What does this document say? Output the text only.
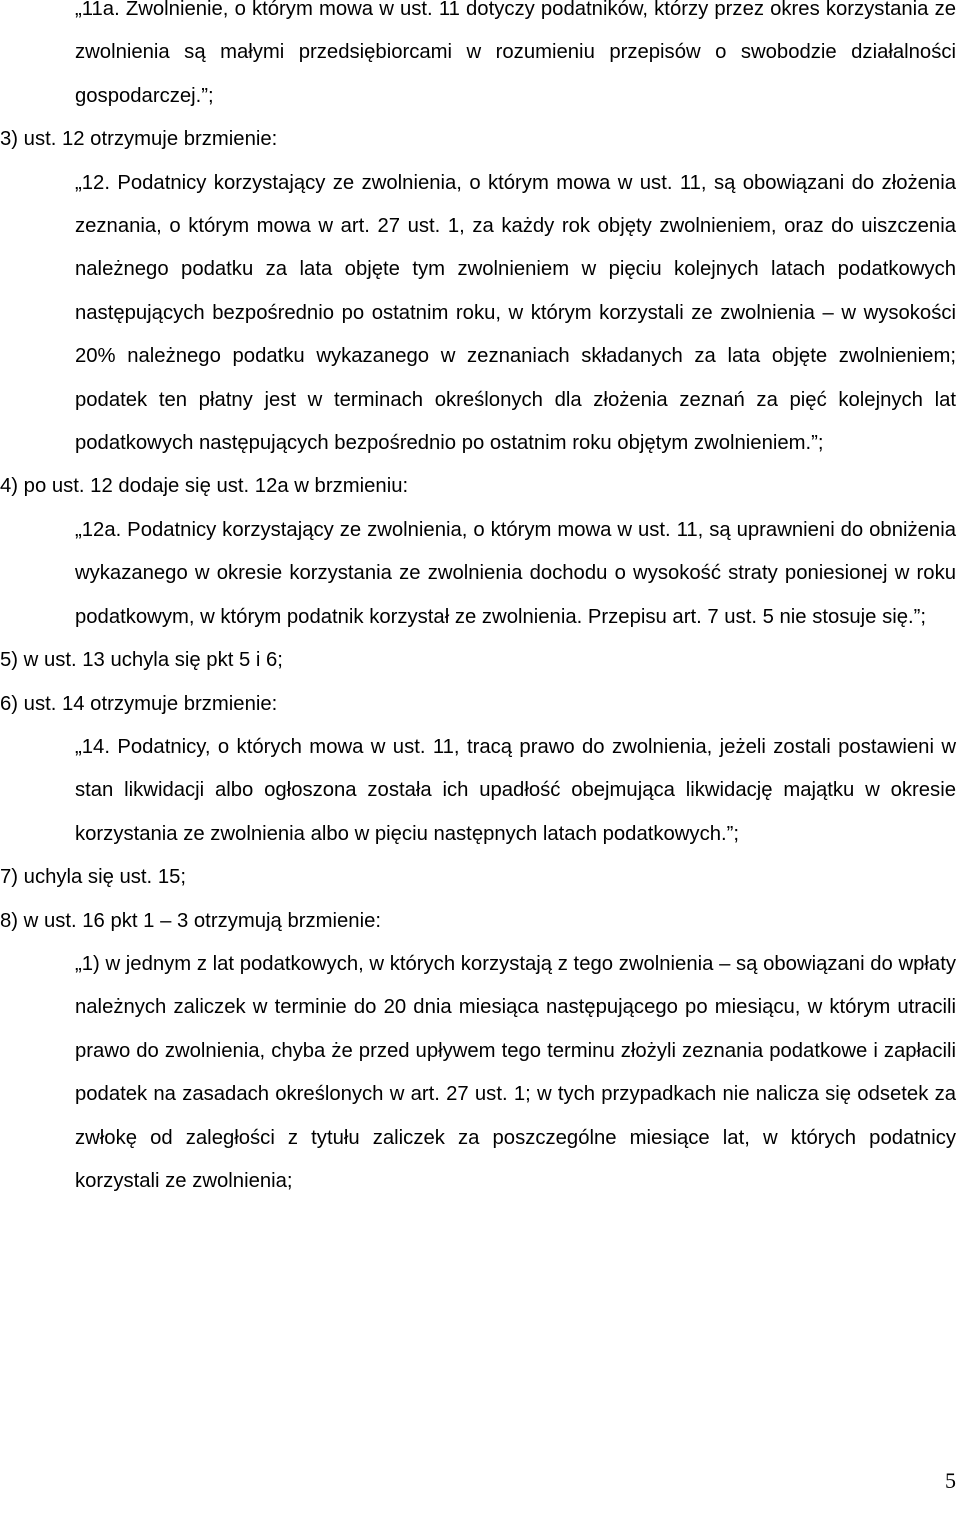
„11a. Zwolnienie, o którym mowa w ust. 11 dotyczy podatników, którzy przez okres korzystania ze zwolnienia są małymi przedsiębiorcami w rozumieniu przepisów o swobodzie działalności gospodarczej.”;

3) ust. 12 otrzymuje brzmienie:

„12. Podatnicy korzystający ze zwolnienia, o którym mowa w ust. 11, są obowiązani do złożenia zeznania, o którym mowa w art. 27 ust. 1, za każdy rok objęty zwolnieniem, oraz do uiszczenia należnego podatku za lata objęte tym zwolnieniem w pięciu kolejnych latach podatkowych następujących bezpośrednio po ostatnim roku, w którym korzystali ze zwolnienia – w wysokości 20% należnego podatku wykazanego w zeznaniach składanych za lata objęte zwolnieniem; podatek ten płatny jest w terminach określonych dla złożenia zeznań za pięć kolejnych lat podatkowych następujących bezpośrednio po ostatnim roku objętym zwolnieniem.”;

4) po ust. 12 dodaje się ust. 12a w brzmieniu:

„12a. Podatnicy korzystający ze zwolnienia, o którym mowa w ust. 11, są uprawnieni do obniżenia wykazanego w okresie korzystania ze zwolnienia dochodu o wysokość straty poniesionej w roku podatkowym, w którym podatnik korzystał ze zwolnienia. Przepisu art. 7 ust. 5 nie stosuje się.”;

5) w ust. 13 uchyla się pkt 5 i 6;

6) ust. 14 otrzymuje brzmienie:

„14. Podatnicy, o których mowa w ust. 11, tracą prawo do zwolnienia, jeżeli zostali postawieni w stan likwidacji albo ogłoszona została ich upadłość obejmująca likwidację majątku w okresie korzystania ze zwolnienia albo w pięciu następnych latach podatkowych.”;

7) uchyla się ust. 15;

8) w ust. 16 pkt 1 – 3 otrzymują brzmienie:

„1) w jednym z lat podatkowych, w których korzystają z tego zwolnienia – są obowiązani do wpłaty należnych zaliczek w terminie do 20 dnia miesiąca następującego po miesiącu, w którym utracili prawo do zwolnienia, chyba że przed upływem tego terminu złożyli zeznania podatkowe i zapłacili podatek na zasadach określonych w art. 27 ust. 1; w tych przypadkach nie nalicza się odsetek za zwłokę od zaległości z tytułu zaliczek za poszczególne miesiące lat, w których podatnicy korzystali ze zwolnienia;

5
